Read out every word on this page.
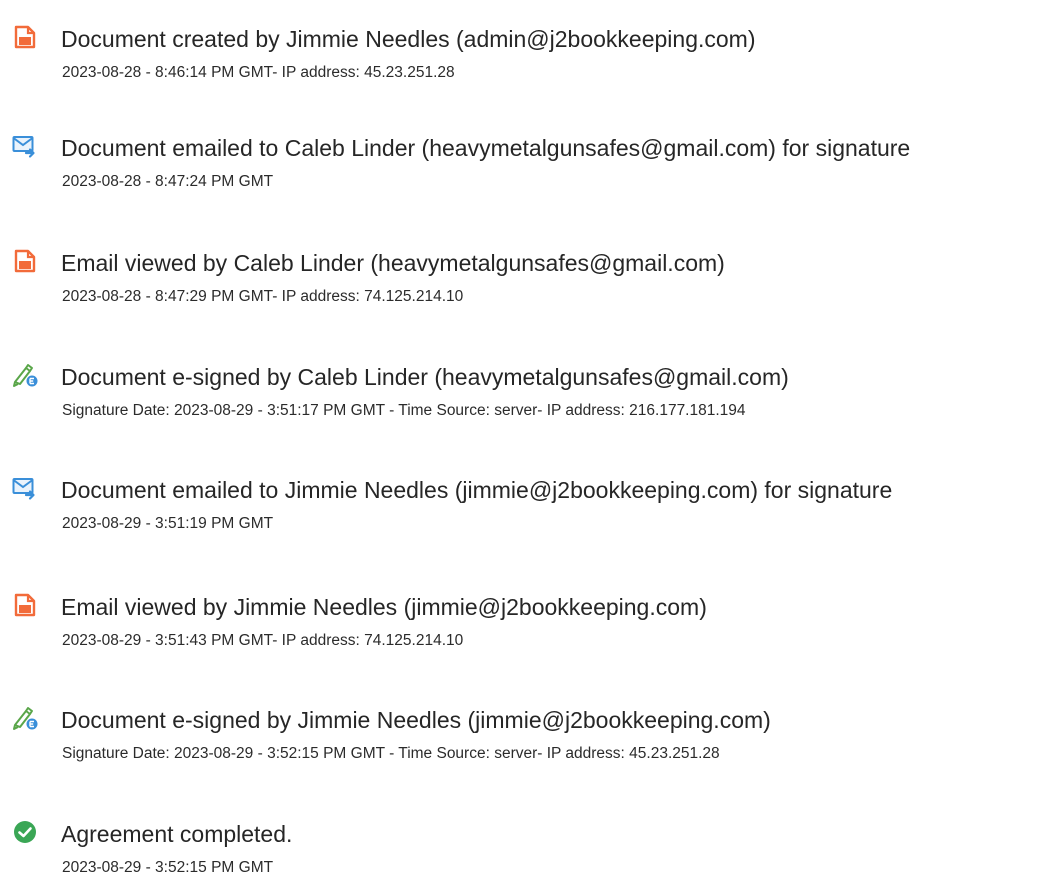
Document created by Jimmie Needles (admin@j2bookkeeping.com)
2023-08-28 - 8:46:14 PM GMT- IP address: 45.23.251.28
Document emailed to Caleb Linder (heavymetalgunsafes@gmail.com) for signature
2023-08-28 - 8:47:24 PM GMT
Email viewed by Caleb Linder (heavymetalgunsafes@gmail.com)
2023-08-28 - 8:47:29 PM GMT- IP address: 74.125.214.10
Document e-signed by Caleb Linder (heavymetalgunsafes@gmail.com)
Signature Date: 2023-08-29 - 3:51:17 PM GMT - Time Source: server- IP address: 216.177.181.194
Document emailed to Jimmie Needles (jimmie@j2bookkeeping.com) for signature
2023-08-29 - 3:51:19 PM GMT
Email viewed by Jimmie Needles (jimmie@j2bookkeeping.com)
2023-08-29 - 3:51:43 PM GMT- IP address: 74.125.214.10
Document e-signed by Jimmie Needles (jimmie@j2bookkeeping.com)
Signature Date: 2023-08-29 - 3:52:15 PM GMT - Time Source: server- IP address: 45.23.251.28
Agreement completed.
2023-08-29 - 3:52:15 PM GMT
